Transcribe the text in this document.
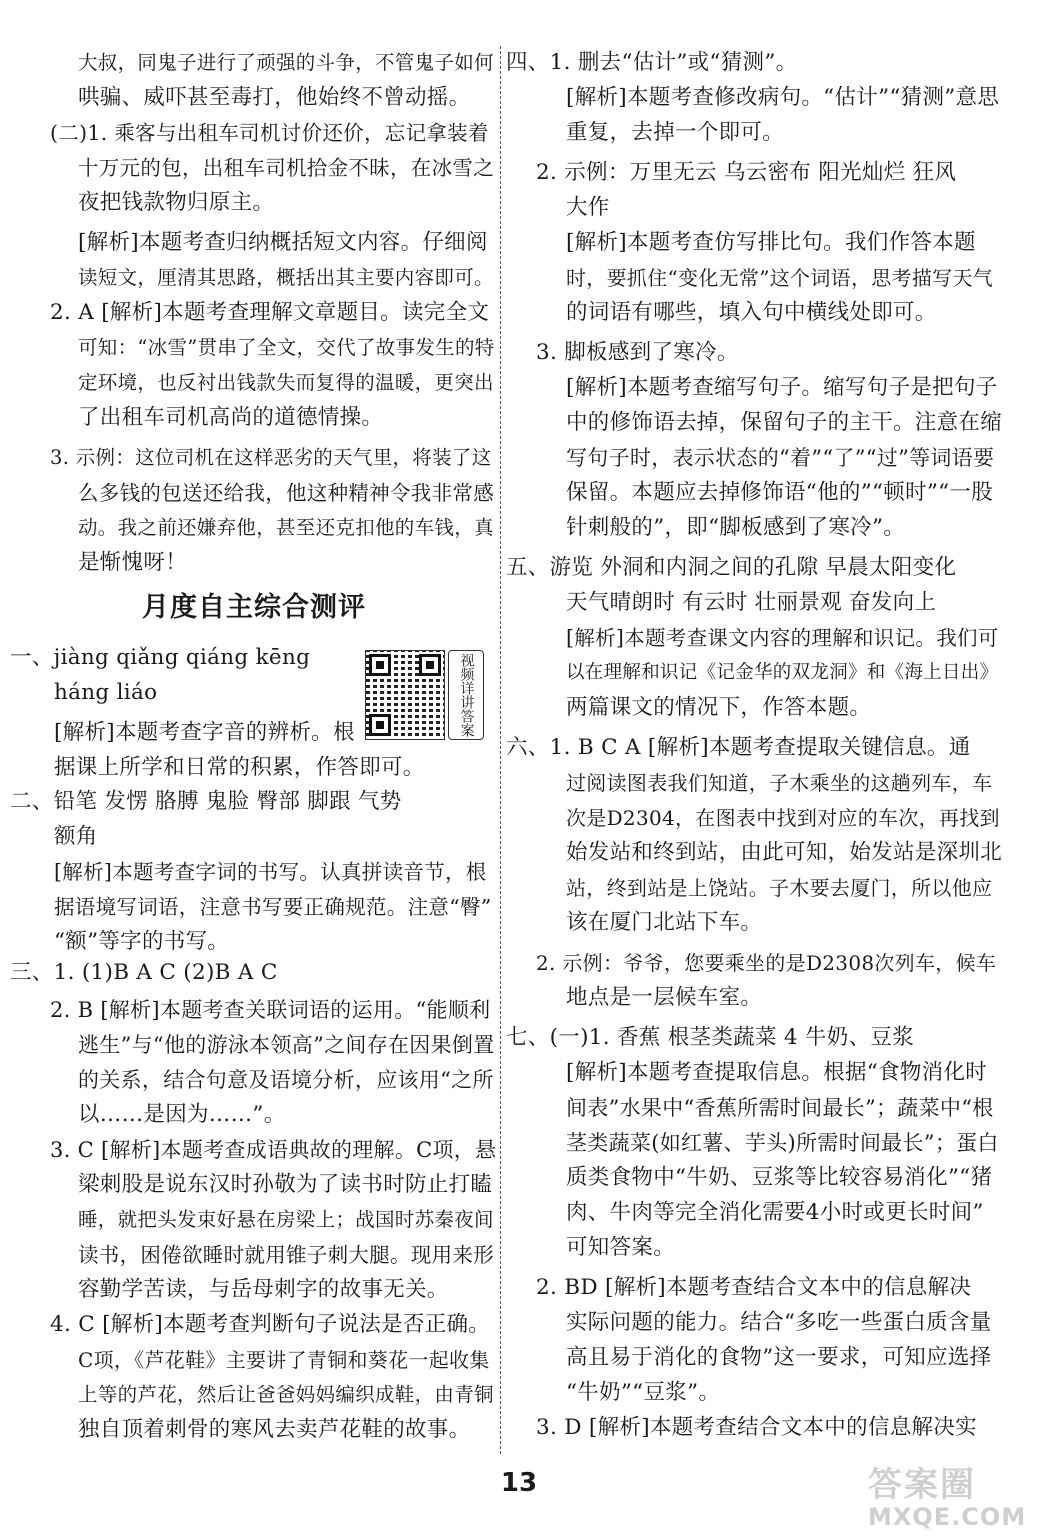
大叔，同鬼子进行了顽强的斗争，不管鬼子如何
哄骗、威吓甚至毒打，他始终不曾动摇。
(二)1. 乘客与出租车司机讨价还价，忘记拿装着
十万元的包，出租车司机拾金不昧，在冰雪之
夜把钱款物归原主。
[解析]本题考查归纳概括短文内容。仔细阅
读短文，厘清其思路，概括出其主要内容即可。
2. A [解析]本题考查理解文章题目。读完全文
可知：“冰雪”贯串了全文，交代了故事发生的特
定环境，也反衬出钱款失而复得的温暖，更突出
了出租车司机高尚的道德情操。
3. 示例：这位司机在这样恶劣的天气里，将装了这
么多钱的包送还给我，他这种精神令我非常感
动。我之前还嫌弃他，甚至还克扣他的车钱，真
是惭愧呀！
一、jiàng qiǎng qiáng kēng
háng liáo
[解析]本题考查字音的辨析。根
据课上所学和日常的积累，作答即可。
二、铅笔 发愣 胳膊 鬼脸 臀部 脚跟 气势
额角
[解析]本题考查字词的书写。认真拼读音节，根
据语境写词语，注意书写要正确规范。注意“臀”
“额”等字的书写。
三、1. (1)B A C (2)B A C
2. B [解析]本题考查关联词语的运用。“能顺利
逃生”与“他的游泳本领高”之间存在因果倒置
的关系，结合句意及语境分析，应该用“之所
以……是因为……”。
3. C [解析]本题考查成语典故的理解。C项，悬
梁刺股是说东汉时孙敬为了读书时防止打瞌
睡，就把头发束好悬在房梁上；战国时苏秦夜间
读书，困倦欲睡时就用锥子刺大腿。现用来形
容勤学苦读，与岳母刺字的故事无关。
4. C [解析]本题考查判断句子说法是否正确。
C项，《芦花鞋》主要讲了青铜和葵花一起收集
上等的芦花，然后让爸爸妈妈编织成鞋，由青铜
独自顶着刺骨的寒风去卖芦花鞋的故事。
四、1. 删去“估计”或“猜测”。
[解析]本题考查修改病句。“估计”“猜测”意思
重复，去掉一个即可。
2. 示例：万里无云 乌云密布 阳光灿烂 狂风
大作
[解析]本题考查仿写排比句。我们作答本题
时，要抓住“变化无常”这个词语，思考描写天气
的词语有哪些，填入句中横线处即可。
3. 脚板感到了寒冷。
[解析]本题考查缩写句子。缩写句子是把句子
中的修饰语去掉，保留句子的主干。注意在缩
写句子时，表示状态的“着”“了”“过”等词语要
保留。本题应去掉修饰语“他的”“顿时”“一股
针刺般的”，即“脚板感到了寒冷”。
五、游览 外洞和内洞之间的孔隙 早晨太阳变化
天气晴朗时 有云时 壮丽景观 奋发向上
[解析]本题考查课文内容的理解和识记。我们可
以在理解和识记《记金华的双龙洞》和《海上日出》
两篇课文的情况下，作答本题。
六、1. B C A [解析]本题考查提取关键信息。通
过阅读图表我们知道，子木乘坐的这趟列车，车
次是D2304，在图表中找到对应的车次，再找到
始发站和终到站，由此可知，始发站是深圳北
站，终到站是上饶站。子木要去厦门，所以他应
该在厦门北站下车。
2. 示例：爷爷，您要乘坐的是D2308次列车，候车
地点是一层候车室。
七、(一)1. 香蕉 根茎类蔬菜 4 牛奶、豆浆
[解析]本题考查提取信息。根据“食物消化时
间表”水果中“香蕉所需时间最长”；蔬菜中“根
茎类蔬菜(如红薯、芋头)所需时间最长”；蛋白
质类食物中“牛奶、豆浆等比较容易消化”“猪
肉、牛肉等完全消化需要4小时或更长时间”
可知答案。
2. BD [解析]本题考查结合文本中的信息解决
实际问题的能力。结合“多吃一些蛋白质含量
高且易于消化的食物”这一要求，可知应选择
“牛奶”“豆浆”。
3. D [解析]本题考查结合文本中的信息解决实
月度自主综合测评
视频详讲答案
13	答案圈
MXQE.COM
